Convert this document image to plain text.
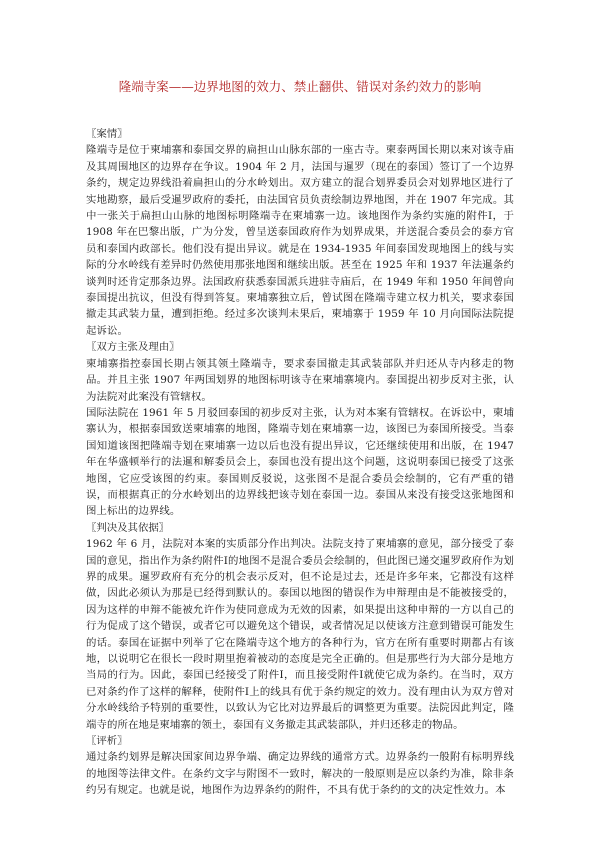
隆端寺案——边界地图的效力、禁止翻供、错误对条约效力的影响

〖案情〗

隆端寺是位于柬埔寨和泰国交界的扁担山山脉东部的一座古寺。柬泰两国长期以来对该寺庙及其周围地区的边界存在争议。1904 年 2 月，法国与暹罗（现在的泰国）签订了一个边界条约，规定边界线沿着扁担山的分水岭划出。双方建立的混合划界委员会对划界地区进行了实地勘察，最后受暹罗政府的委托，由法国官员负责绘制边界地图，并在 1907 年完成。其中一张关于扁担山山脉的地图标明隆端寺在柬埔寨一边。该地图作为条约实施的附件Ⅰ，于 1908 年在巴黎出版，广为分发，曾呈送泰国政府作为划界成果，并送混合委员会的泰方官员和泰国内政部长。他们没有提出异议。就是在 1934-1935 年间泰国发现地图上的线与实际的分水岭线有差异时仍然使用那张地图和继续出版。甚至在 1925 年和 1937 年法暹条约谈判时还肯定那条边界。法国政府获悉泰国派兵进驻寺庙后，在 1949 年和 1950 年间曾向泰国提出抗议，但没有得到答复。柬埔寨独立后，曾试图在隆端寺建立权力机关，要求泰国撤走其武装力量，遭到拒绝。经过多次谈判未果后，柬埔寨于 1959 年 10 月向国际法院提起诉讼。

〖双方主张及理由〗

柬埔寨指控泰国长期占领其领土隆端寺，要求泰国撤走其武装部队并归还从寺内移走的物品。并且主张 1907 年两国划界的地图标明该寺在柬埔寨境内。泰国提出初步反对主张，认为法院对此案没有管辖权。

国际法院在 1961 年 5 月驳回泰国的初步反对主张，认为对本案有管辖权。在诉讼中，柬埔寨认为，根据泰国致送柬埔寨的地图，隆端寺划在柬埔寨一边，该图已为泰国所接受。当泰国知道该图把隆端寺划在柬埔寨一边以后也没有提出异议，它还继续使用和出版，在 1947 年在华盛顿举行的法暹和解委员会上，泰国也没有提出这个问题，这说明泰国已接受了这张地图，它应受该图的约束。泰国则反驳说，这张图不是混合委员会绘制的，它有严重的错误，而根据真正的分水岭划出的边界线把该寺划在泰国一边。泰国从来没有接受这张地图和图上标出的边界线。

〖判决及其依据〗

1962 年 6 月，法院对本案的实质部分作出判决。法院支持了柬埔寨的意见，部分接受了泰国的意见，指出作为条约附件Ⅰ的地图不是混合委员会绘制的，但此图已递交暹罗政府作为划界的成果。暹罗政府有充分的机会表示反对，但不论是过去，还是许多年来，它都没有这样做，因此必须认为那是已经得到默认的。泰国以地图的错误作为申辩理由是不能被接受的，因为这样的申辩不能被允许作为使同意成为无效的因素，如果提出这种申辩的一方以自己的行为促成了这个错误，或者它可以避免这个错误，或者情况足以使该方注意到错误可能发生的话。泰国在证据中列举了它在隆端寺这个地方的各种行为，官方在所有重要时期都占有该地，以说明它在很长一段时期里抱着被动的态度是完全正确的。但是那些行为大部分是地方当局的行为。因此，泰国已经接受了附件Ⅰ，而且接受附件Ⅰ就使它成为条约。在当时，双方已对条约作了这样的解释，使附件Ⅰ上的线具有优于条约规定的效力。没有理由认为双方曾对分水岭线给予特别的重要性，以致认为它比对边界最后的调整更为重要。法院因此判定，隆端寺的所在地是柬埔寨的领土，泰国有义务撤走其武装部队，并归还移走的物品。

〖评析〗

通过条约划界是解决国家间边界争端、确定边界线的通常方式。边界条约一般附有标明界线的地图等法律文件。在条约文字与附图不一致时，解决的一般原则是应以条约为准，除非条约另有规定。也就是说，地图作为边界条约的附件，不具有优于条约的文的决定性效力。本
